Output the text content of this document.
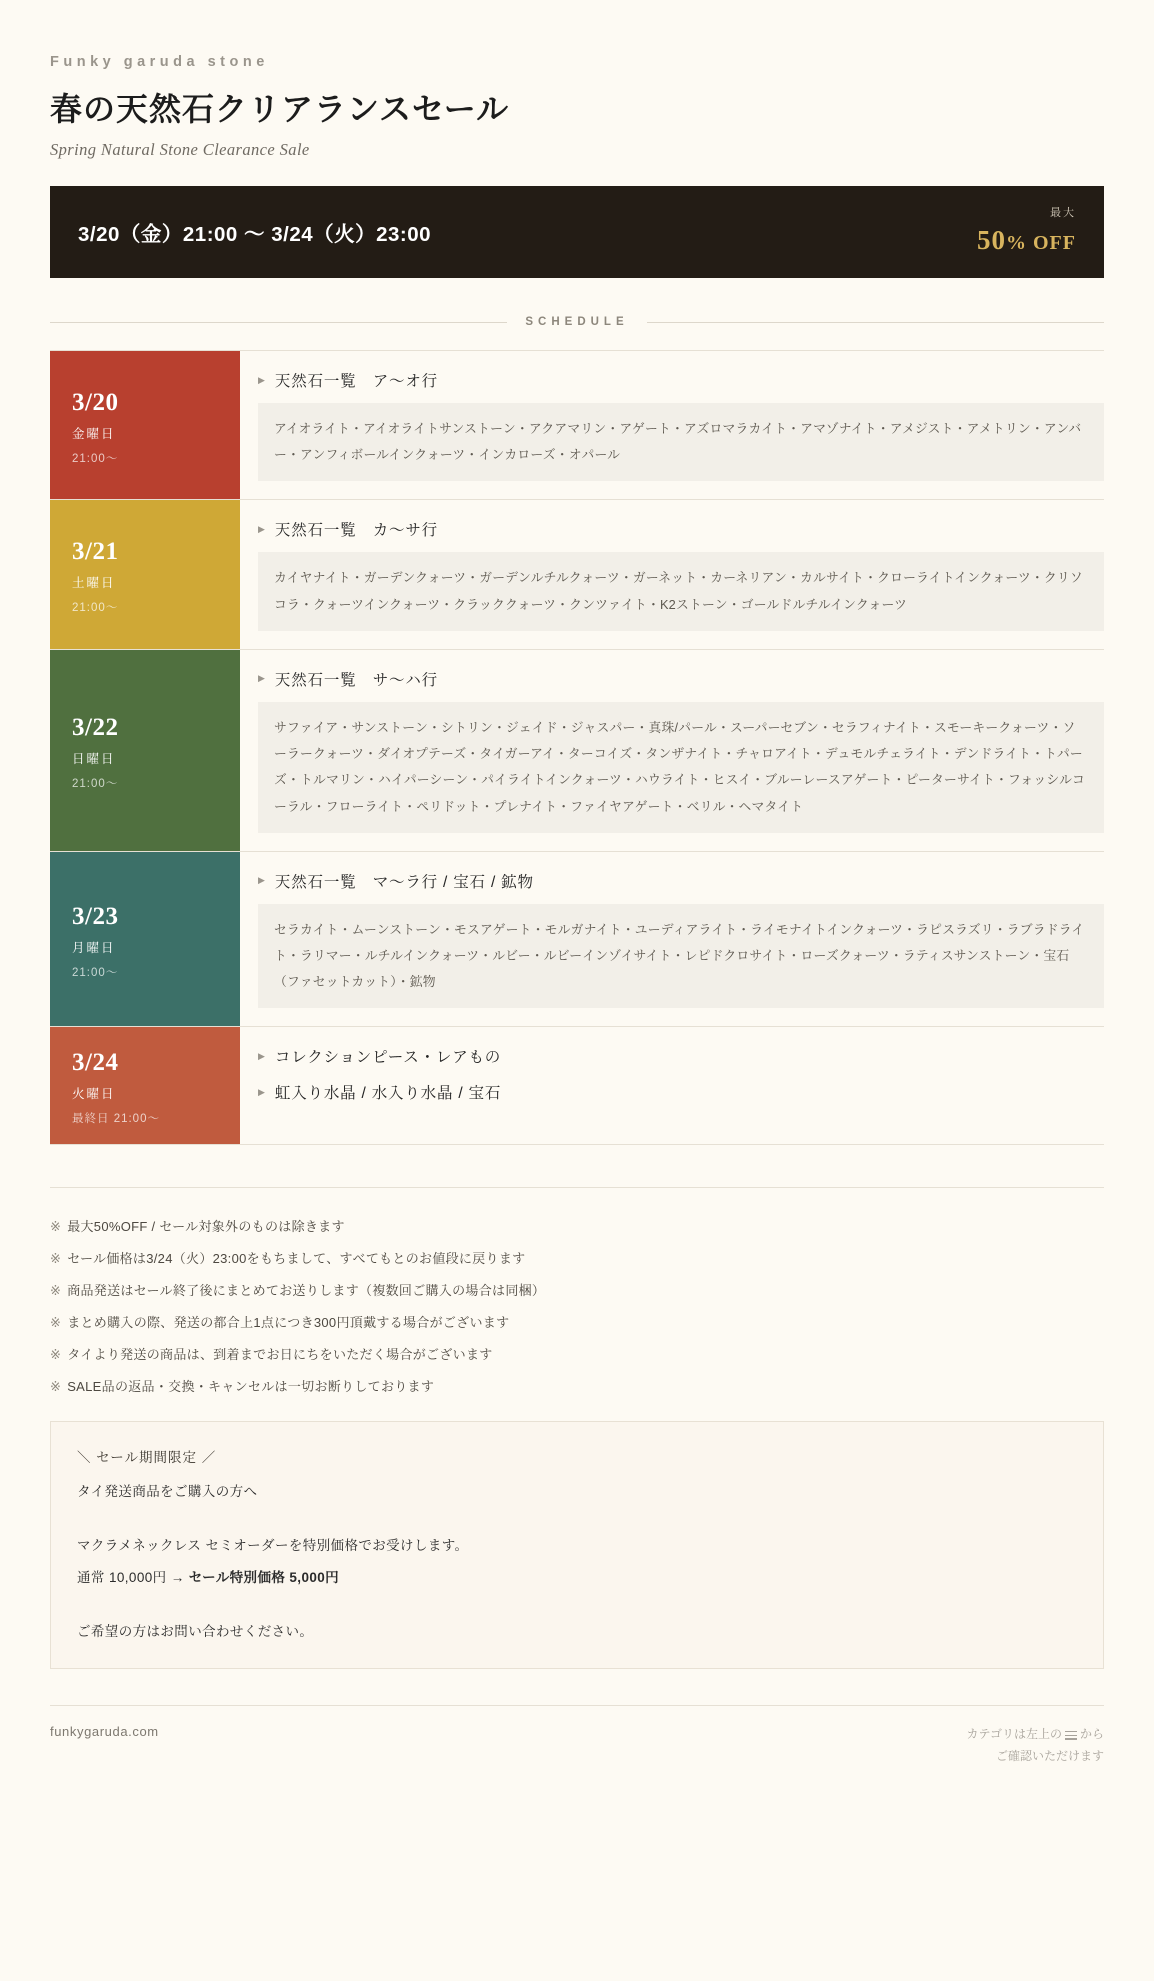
Funky garuda stone
春の天然石クリアランスセール
Spring Natural Stone Clearance Sale
3/20（金）21:00 〜 3/24（火）23:00
最大
50% OFF
SCHEDULE
3/20
金曜日
21:00〜
▶ 天然石一覧　ア〜オ行
アイオライト・アイオライトサンストーン・アクアマリン・アゲート・アズロマラカイト・アマゾナイト・アメジスト・アメトリン・アンバー・アンフィボールインクォーツ・インカローズ・オパール
3/21
土曜日
21:00〜
▶ 天然石一覧　カ〜サ行
カイヤナイト・ガーデンクォーツ・ガーデンルチルクォーツ・ガーネット・カーネリアン・カルサイト・クローライトインクォーツ・クリソコラ・クォーツインクォーツ・クラッククォーツ・クンツァイト・K2ストーン・ゴールドルチルインクォーツ
3/22
日曜日
21:00〜
▶ 天然石一覧　サ〜ハ行
サファイア・サンストーン・シトリン・ジェイド・ジャスパー・真珠/パール・スーパーセブン・セラフィナイト・スモーキークォーツ・ソーラークォーツ・ダイオプテーズ・タイガーアイ・ターコイズ・タンザナイト・チャロアイト・デュモルチェライト・デンドライト・トパーズ・トルマリン・ハイパーシーン・パイライトインクォーツ・ハウライト・ヒスイ・ブルーレースアゲート・ピーターサイト・フォッシルコーラル・フローライト・ペリドット・プレナイト・ファイヤアゲート・ベリル・ヘマタイト
3/23
月曜日
21:00〜
▶ 天然石一覧　マ〜ラ行 / 宝石 / 鉱物
セラカイト・ムーンストーン・モスアゲート・モルガナイト・ユーディアライト・ライモナイトインクォーツ・ラピスラズリ・ラブラドライト・ラリマー・ルチルインクォーツ・ルビー・ルビーインゾイサイト・レピドクロサイト・ローズクォーツ・ラティスサンストーン・宝石（ファセットカット）・鉱物
3/24
火曜日
最終日 21:00〜
▶ コレクションピース・レアもの
▶ 虹入り水晶 / 水入り水晶 / 宝石
※ 最大50%OFF / セール対象外のものは除きます
※ セール価格は3/24（火）23:00をもちまして、すべてもとのお値段に戻ります
※ 商品発送はセール終了後にまとめてお送りします（複数回ご購入の場合は同梱）
※ まとめ購入の際、発送の都合上1点につき300円頂戴する場合がございます
※ タイより発送の商品は、到着までお日にちをいただく場合がございます
※ SALE品の返品・交換・キャンセルは一切お断りしております
＼ セール期間限定 ／
タイ発送商品をご購入の方へ
マクラメネックレス セミオーダーを特別価格でお受けします。
通常 10,000円 → セール特別価格 5,000円
ご希望の方はお問い合わせください。
funkygaruda.com	カテゴリは左上の から
ご確認いただけます
